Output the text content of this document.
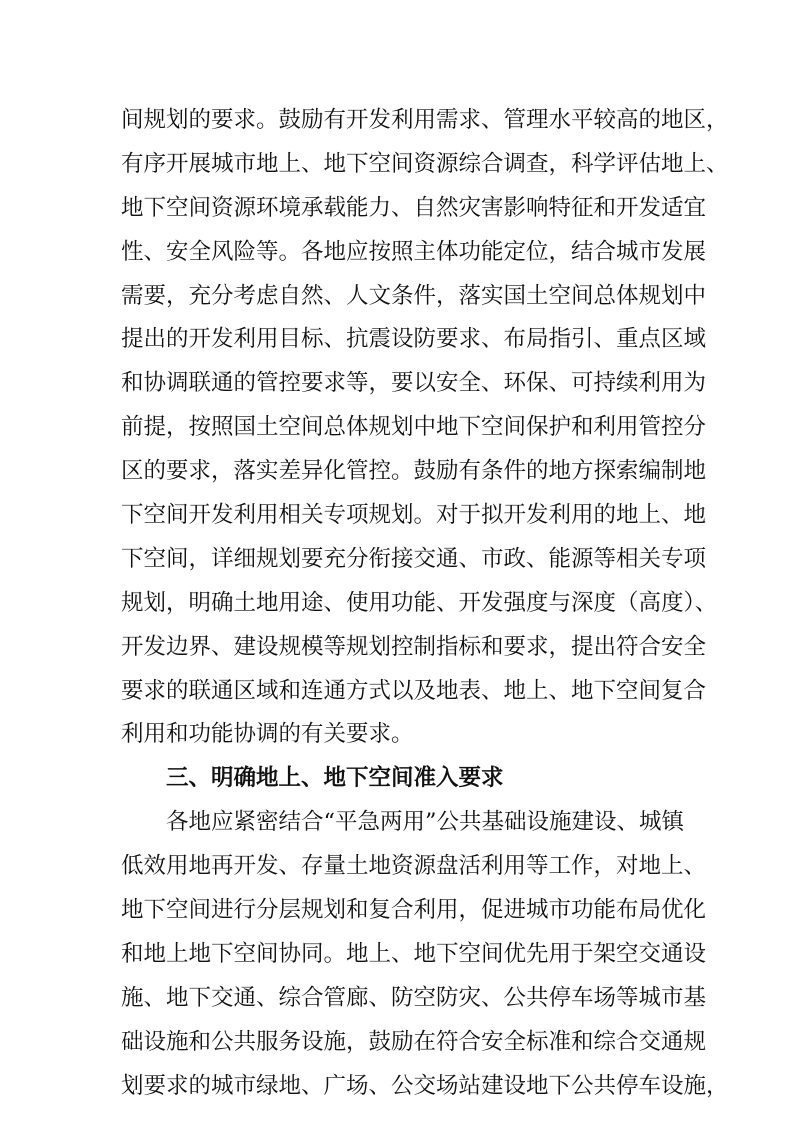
间规划的要求。鼓励有开发利用需求、管理水平较高的地区，
有序开展城市地上、地下空间资源综合调查，科学评估地上、
地下空间资源环境承载能力、自然灾害影响特征和开发适宜
性、安全风险等。各地应按照主体功能定位，结合城市发展
需要，充分考虑自然、人文条件，落实国土空间总体规划中
提出的开发利用目标、抗震设防要求、布局指引、重点区域
和协调联通的管控要求等，要以安全、环保、可持续利用为
前提，按照国土空间总体规划中地下空间保护和利用管控分
区的要求，落实差异化管控。鼓励有条件的地方探索编制地
下空间开发利用相关专项规划。对于拟开发利用的地上、地
下空间，详细规划要充分衔接交通、市政、能源等相关专项
规划，明确土地用途、使用功能、开发强度与深度（高度）、
开发边界、建设规模等规划控制指标和要求，提出符合安全
要求的联通区域和连通方式以及地表、地上、地下空间复合
利用和功能协调的有关要求。
三、明确地上、地下空间准入要求
各地应紧密结合“平急两用”公共基础设施建设、城镇
低效用地再开发、存量土地资源盘活利用等工作，对地上、
地下空间进行分层规划和复合利用，促进城市功能布局优化
和地上地下空间协同。地上、地下空间优先用于架空交通设
施、地下交通、综合管廊、防空防灾、公共停车场等城市基
础设施和公共服务设施，鼓励在符合安全标准和综合交通规
划要求的城市绿地、广场、公交场站建设地下公共停车设施，
